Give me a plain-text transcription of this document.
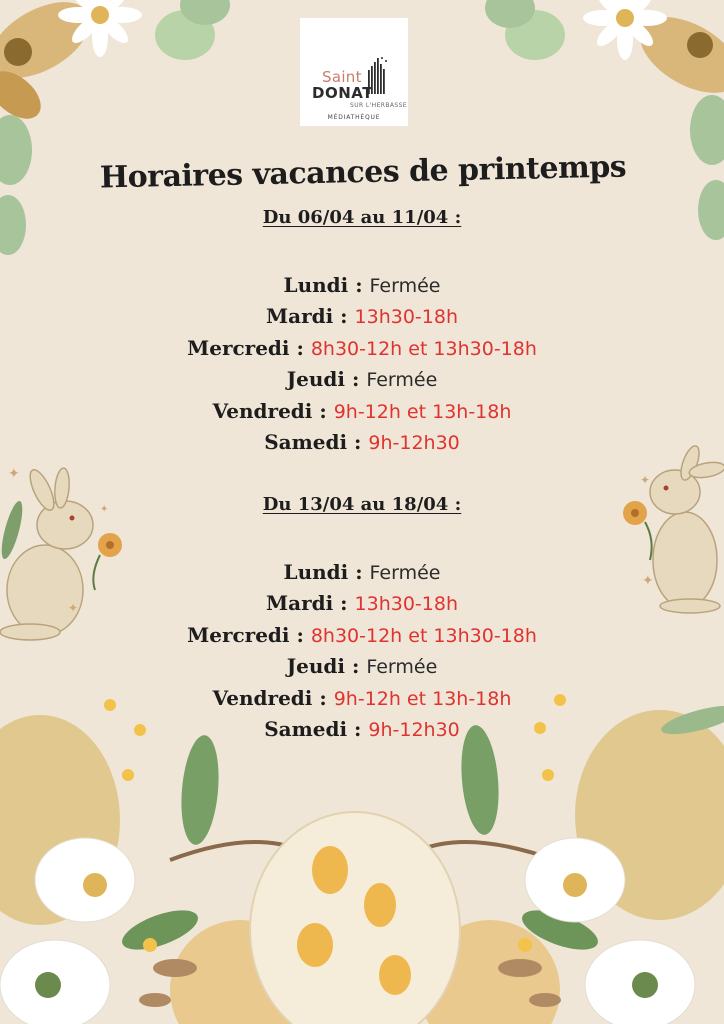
✦
✦
✦
✦
✦
Saint
DONAT
SUR L'HERBASSE
MÉDIATHÈQUE
Horaires vacances de printemps
Du 06/04 au 11/04 :
Lundi : Fermée
Mardi : 13h30-18h
Mercredi : 8h30-12h et 13h30-18h
Jeudi : Fermée
Vendredi : 9h-12h et 13h-18h
Samedi : 9h-12h30
Du 13/04 au 18/04 :
Lundi : Fermée
Mardi : 13h30-18h
Mercredi : 8h30-12h et 13h30-18h
Jeudi : Fermée
Vendredi : 9h-12h et 13h-18h
Samedi : 9h-12h30
